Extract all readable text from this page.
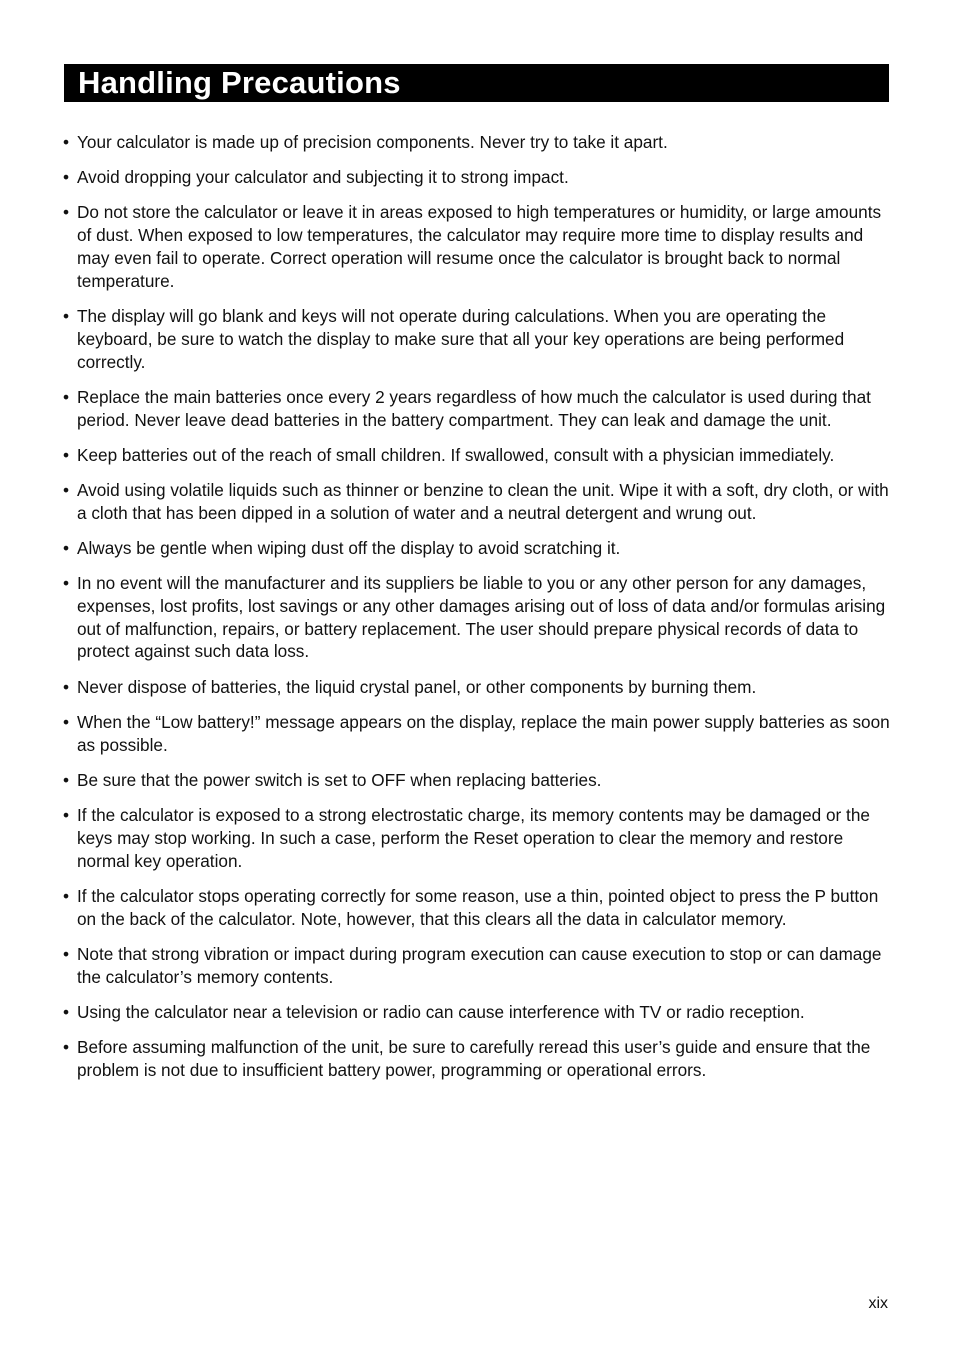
Handling Precautions
• Your calculator is made up of precision components. Never try to take it apart.
• Avoid dropping your calculator and subjecting it to strong impact.
• Do not store the calculator or leave it in areas exposed to high temperatures or humidity, or large amounts of dust. When exposed to low temperatures, the calculator may require more time to display results and may even fail to operate. Correct operation will resume once the calculator is brought back to normal temperature.
• The display will go blank and keys will not operate during calculations. When you are operating the keyboard, be sure to watch the display to make sure that all your key operations are being performed correctly.
• Replace the main batteries once every 2 years regardless of how much the calculator is used during that period. Never leave dead batteries in the battery compartment. They can leak and damage the unit.
• Keep batteries out of the reach of small children. If swallowed, consult with a physician immediately.
• Avoid using volatile liquids such as thinner or benzine to clean the unit. Wipe it with a soft, dry cloth, or with a cloth that has been dipped in a solution of water and a neutral detergent and wrung out.
• Always be gentle when wiping dust off the display to avoid scratching it.
• In no event will the manufacturer and its suppliers be liable to you or any other person for any damages, expenses, lost profits, lost savings or any other damages arising out of loss of data and/or formulas arising out of malfunction, repairs, or battery replacement. The user should prepare physical records of data to protect against such data loss.
• Never dispose of batteries, the liquid crystal panel, or other components by burning them.
• When the “Low battery!” message appears on the display, replace the main power supply batteries as soon as possible.
• Be sure that the power switch is set to OFF when replacing batteries.
• If the calculator is exposed to a strong electrostatic charge, its memory contents may be damaged or the keys may stop working. In such a case, perform the Reset operation to clear the memory and restore normal key operation.
• If the calculator stops operating correctly for some reason, use a thin, pointed object to press the P button on the back of the calculator. Note, however, that this clears all the data in calculator memory.
• Note that strong vibration or impact during program execution can cause execution to stop or can damage the calculator’s memory contents.
• Using the calculator near a television or radio can cause interference with TV or radio reception.
• Before assuming malfunction of the unit, be sure to carefully reread this user’s guide and ensure that the problem is not due to insufficient battery power, programming or operational errors.
xix
